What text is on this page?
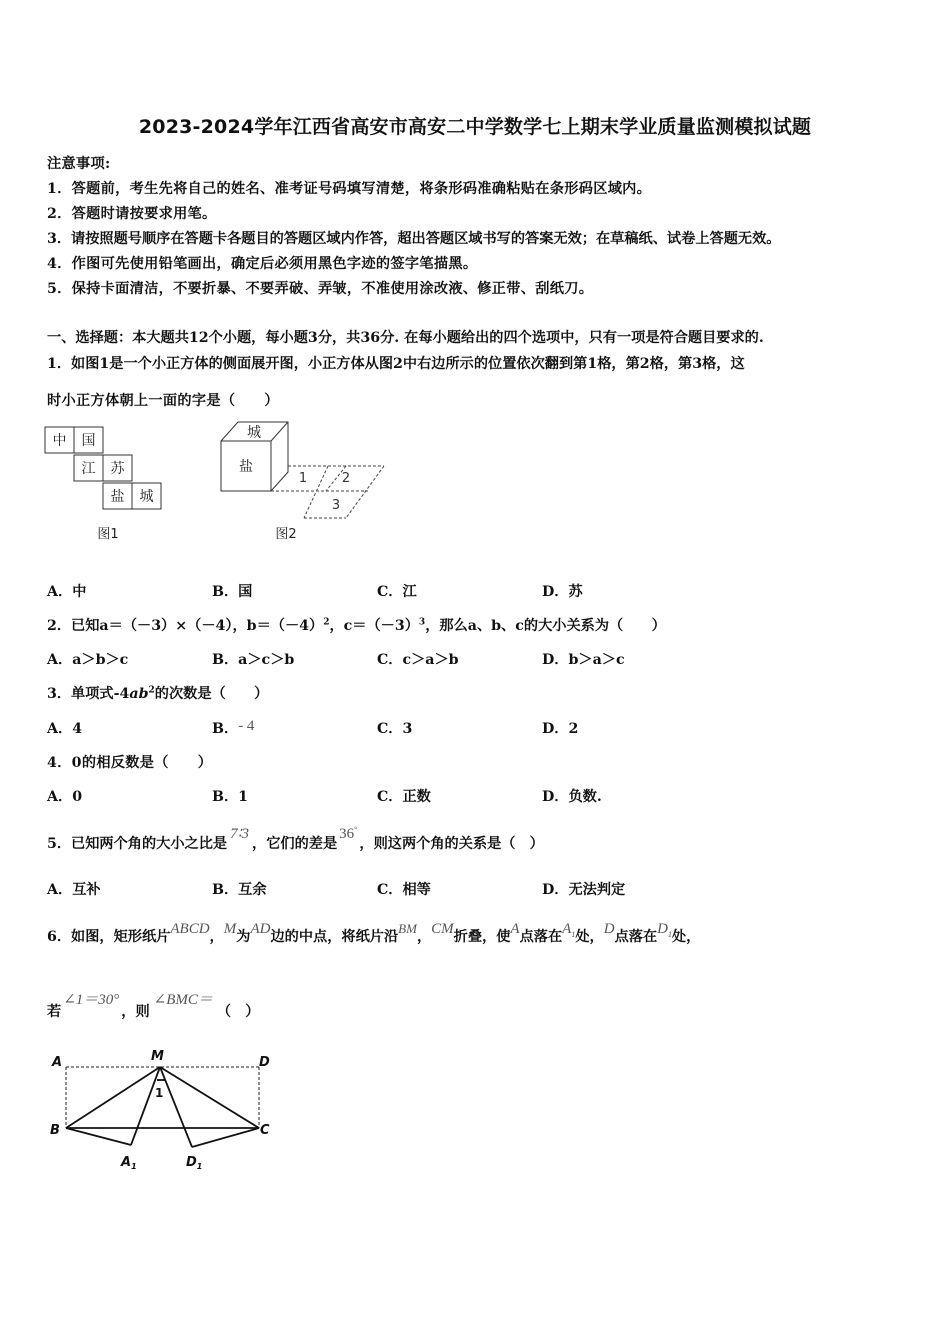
2023-2024学年江西省高安市高安二中学数学七上期末学业质量监测模拟试题
注意事项:
1．答题前，考生先将自己的姓名、准考证号码填写清楚，将条形码准确粘贴在条形码区域内。
2．答题时请按要求用笔。
3．请按照题号顺序在答题卡各题目的答题区域内作答，超出答题区域书写的答案无效；在草稿纸、试卷上答题无效。
4．作图可先使用铅笔画出，确定后必须用黑色字迹的签字笔描黑。
5．保持卡面清洁，不要折暴、不要弄破、弄皱，不准使用涂改液、修正带、刮纸刀。
一、选择题：本大题共12个小题，每小题3分，共36分. 在每小题给出的四个选项中，只有一项是符合题目要求的.
1．如图1是一个小正方体的侧面展开图，小正方体从图2中右边所示的位置依次翻到第1格，第2格，第3格，这
时小正方体朝上一面的字是（　　）
中 国
江 苏
盐 城
图1
城
盐
1	2
3
图2
A．中	B．国	C．江	D．苏
2．已知a＝（－3）×（－4），$b=(-4)^2$，$c=(-3)^3$，那么a、b、c的大小关系为（　　）
A．a＞b＞c	B．a＞c＞b	C．c＞a＞b	D．b＞a＞c
3．单项式$-4ab^2$的次数是（　　）
A．4	B．- 4	C．3	D．2
4．0的相反数是（　　）
A．0	B．1	C．正数	D．负数.
5．已知两个角的大小之比是7∶3，它们的差是36°，则这两个角的关系是（　）
A．互补	B．互余	C．相等	D．无法判定
6．如图，矩形纸片ABCD，M为AD边的中点，将纸片沿BM，CM折叠，使A点落在$A_1$处，D点落在$D_1$处，
若∠1＝30°，则∠BMC＝（　）
A	M	D
B	C
$A_1$	$D_1$
1
